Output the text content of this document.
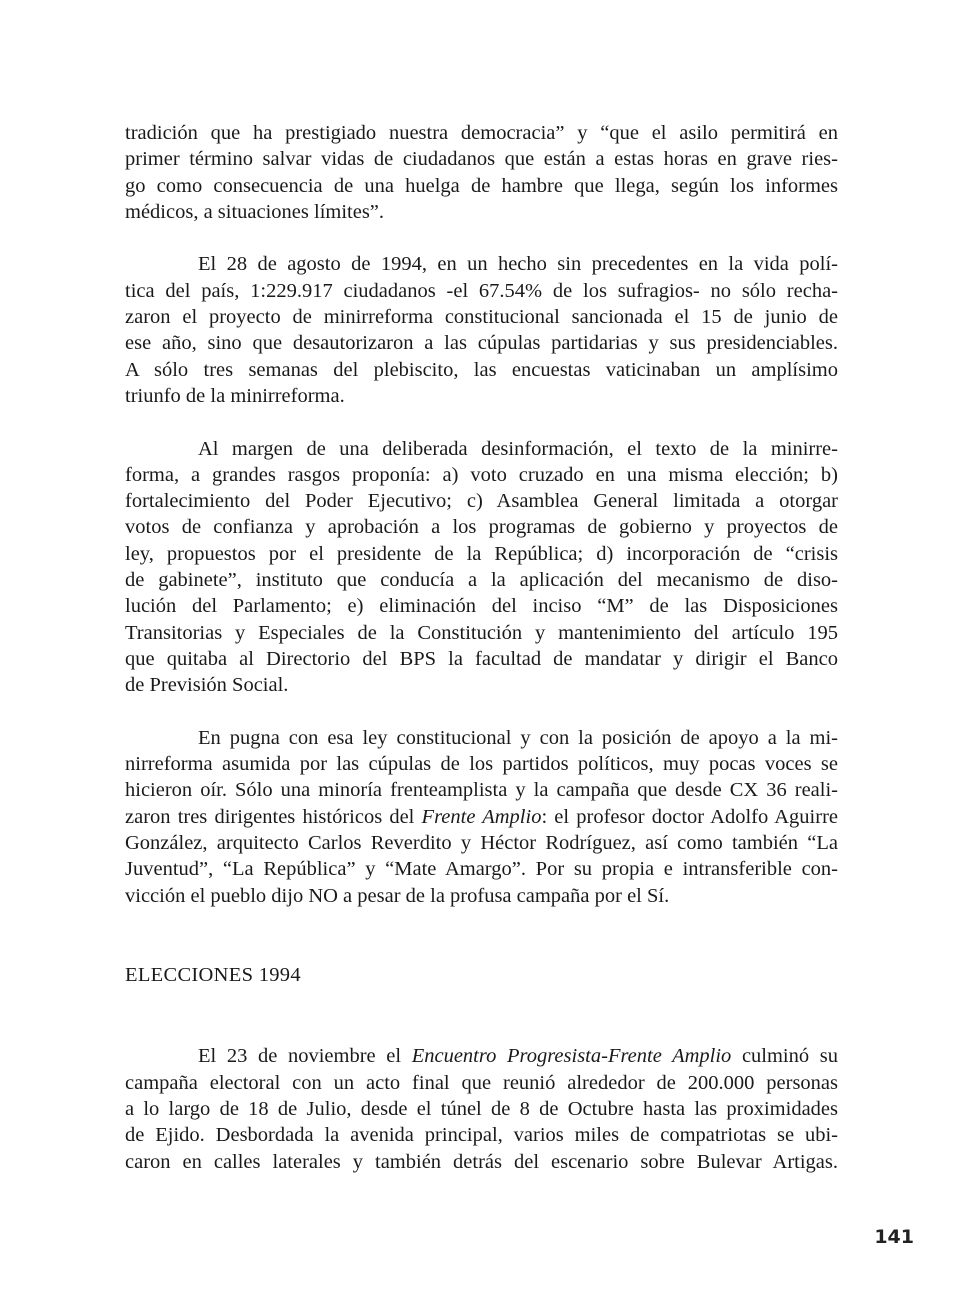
tradición que ha prestigiado nuestra democracia” y “que el asilo permitirá en
primer término salvar vidas de ciudadanos que están a estas horas en grave ries-
go como consecuencia de una huelga de hambre que llega, según los informes
médicos, a situaciones límites”.

El 28 de agosto de 1994, en un hecho sin precedentes en la vida polí-
tica del país, 1:229.917 ciudadanos -el 67.54% de los sufragios- no sólo recha-
zaron el proyecto de minirreforma constitucional sancionada el 15 de junio de
ese año, sino que desautorizaron a las cúpulas partidarias y sus presidenciables.
A sólo tres semanas del plebiscito, las encuestas vaticinaban un amplísimo
triunfo de la minirreforma.

Al margen de una deliberada desinformación, el texto de la minirre-
forma, a grandes rasgos proponía: a) voto cruzado en una misma elección; b)
fortalecimiento del Poder Ejecutivo; c) Asamblea General limitada a otorgar
votos de confianza y aprobación a los programas de gobierno y proyectos de
ley, propuestos por el presidente de la República; d) incorporación de “crisis
de gabinete”, instituto que conducía a la aplicación del mecanismo de diso-
lución del Parlamento; e) eliminación del inciso “M” de las Disposiciones
Transitorias y Especiales de la Constitución y mantenimiento del artículo 195
que quitaba al Directorio del BPS la facultad de mandatar y dirigir el Banco
de Previsión Social.

En pugna con esa ley constitucional y con la posición de apoyo a la mi-
nirreforma asumida por las cúpulas de los partidos políticos, muy pocas voces se
hicieron oír. Sólo una minoría frenteamplista y la campaña que desde CX 36 reali-
zaron tres dirigentes históricos del Frente Amplio: el profesor doctor Adolfo Aguirre
González, arquitecto Carlos Reverdito y Héctor Rodríguez, así como también “La
Juventud”, “La República” y “Mate Amargo”. Por su propia e intransferible con-
vicción el pueblo dijo NO a pesar de la profusa campaña por el Sí.

ELECCIONES 1994

El 23 de noviembre el Encuentro Progresista-Frente Amplio culminó su
campaña electoral con un acto final que reunió alrededor de 200.000 personas
a lo largo de 18 de Julio, desde el túnel de 8 de Octubre hasta las proximidades
de Ejido. Desbordada la avenida principal, varios miles de compatriotas se ubi-
caron en calles laterales y también detrás del escenario sobre Bulevar Artigas.

141
